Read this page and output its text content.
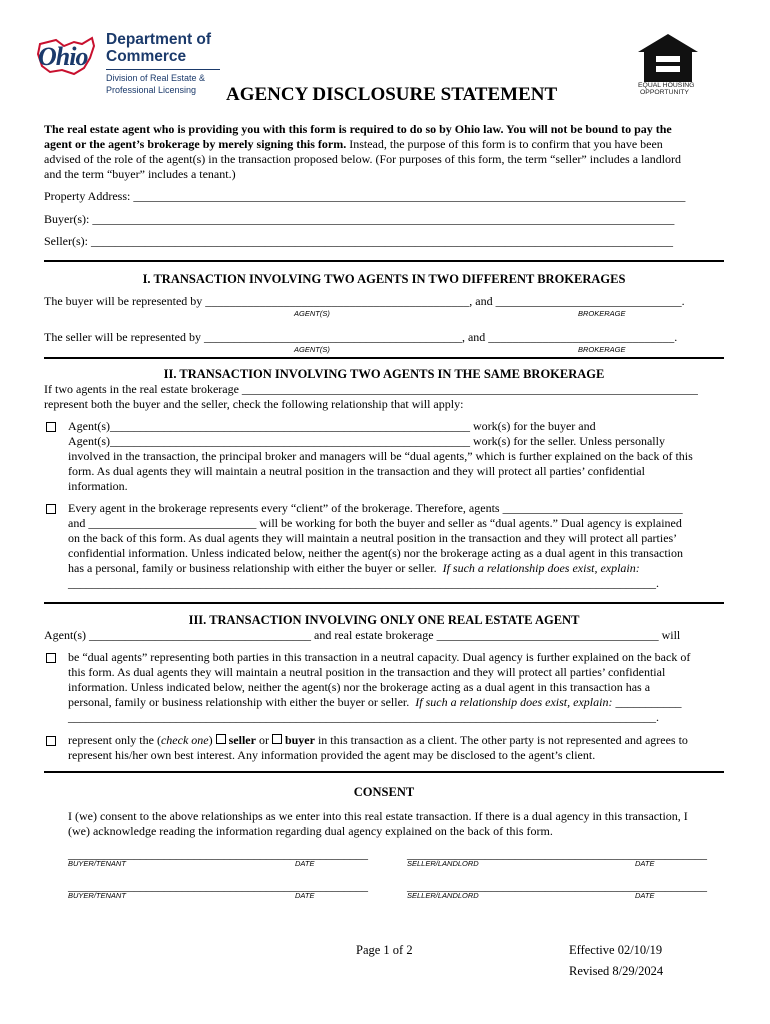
Ohio
Department of
Commerce
Division of Real Estate &
Professional Licensing	EQUAL HOUSING
OPPORTUNITY
AGENCY DISCLOSURE STATEMENT
The real estate agent who is providing you with this form is required to do so by Ohio law. You will not be bound to pay the
agent or the agent’s brokerage by merely signing this form. Instead, the purpose of this form is to confirm that you have been
advised of the role of the agent(s) in the transaction proposed below. (For purposes of this form, the term “seller” includes a landlord
and the term “buyer” includes a tenant.)
Property Address: ____________________________________________________________________________________________
Buyer(s): _________________________________________________________________________________________________
Seller(s): _________________________________________________________________________________________________
I. TRANSACTION INVOLVING TWO AGENTS IN TWO DIFFERENT BROKERAGES
The buyer will be represented by ____________________________________________, and _______________________________.
AGENT(S)	BROKERAGE
The seller will be represented by ___________________________________________, and _______________________________.
AGENT(S)	BROKERAGE
II. TRANSACTION INVOLVING TWO AGENTS IN THE SAME BROKERAGE
If two agents in the real estate brokerage ____________________________________________________________________________
represent both the buyer and the seller, check the following relationship that will apply:
Agent(s)____________________________________________________________ work(s) for the buyer and
Agent(s)____________________________________________________________ work(s) for the seller. Unless personally
involved in the transaction, the principal broker and managers will be “dual agents,” which is further explained on the back of this
form. As dual agents they will maintain a neutral position in the transaction and they will protect all parties’ confidential
information.
Every agent in the brokerage represents every “client” of the brokerage. Therefore, agents ______________________________
and ____________________________ will be working for both the buyer and seller as “dual agents.” Dual agency is explained
on the back of this form. As dual agents they will maintain a neutral position in the transaction and they will protect all parties’
confidential information. Unless indicated below, neither the agent(s) nor the brokerage acting as a dual agent in this transaction
has a personal, family or business relationship with either the buyer or seller. If such a relationship does exist, explain:
__________________________________________________________________________________________________.
III. TRANSACTION INVOLVING ONLY ONE REAL ESTATE AGENT
Agent(s) _____________________________________ and real estate brokerage _____________________________________ will
be “dual agents” representing both parties in this transaction in a neutral capacity. Dual agency is further explained on the back of
this form. As dual agents they will maintain a neutral position in the transaction and they will protect all parties’ confidential
information. Unless indicated below, neither the agent(s) nor the brokerage acting as a dual agent in this transaction has a
personal, family or business relationship with either the buyer or seller. If such a relationship does exist, explain: ___________
__________________________________________________________________________________________________.
represent only the (check one) seller or buyer in this transaction as a client. The other party is not represented and agrees to
represent his/her own best interest. Any information provided the agent may be disclosed to the agent’s client.
CONSENT
I (we) consent to the above relationships as we enter into this real estate transaction. If there is a dual agency in this transaction, I
(we) acknowledge reading the information regarding dual agency explained on the back of this form.
__________________________________________________	__________________________________________________
BUYER/TENANT	DATE	SELLER/LANDLORD	DATE
__________________________________________________	__________________________________________________
BUYER/TENANT	DATE	SELLER/LANDLORD	DATE
Page 1 of 2	Effective 02/10/19
Revised 8/29/2024
